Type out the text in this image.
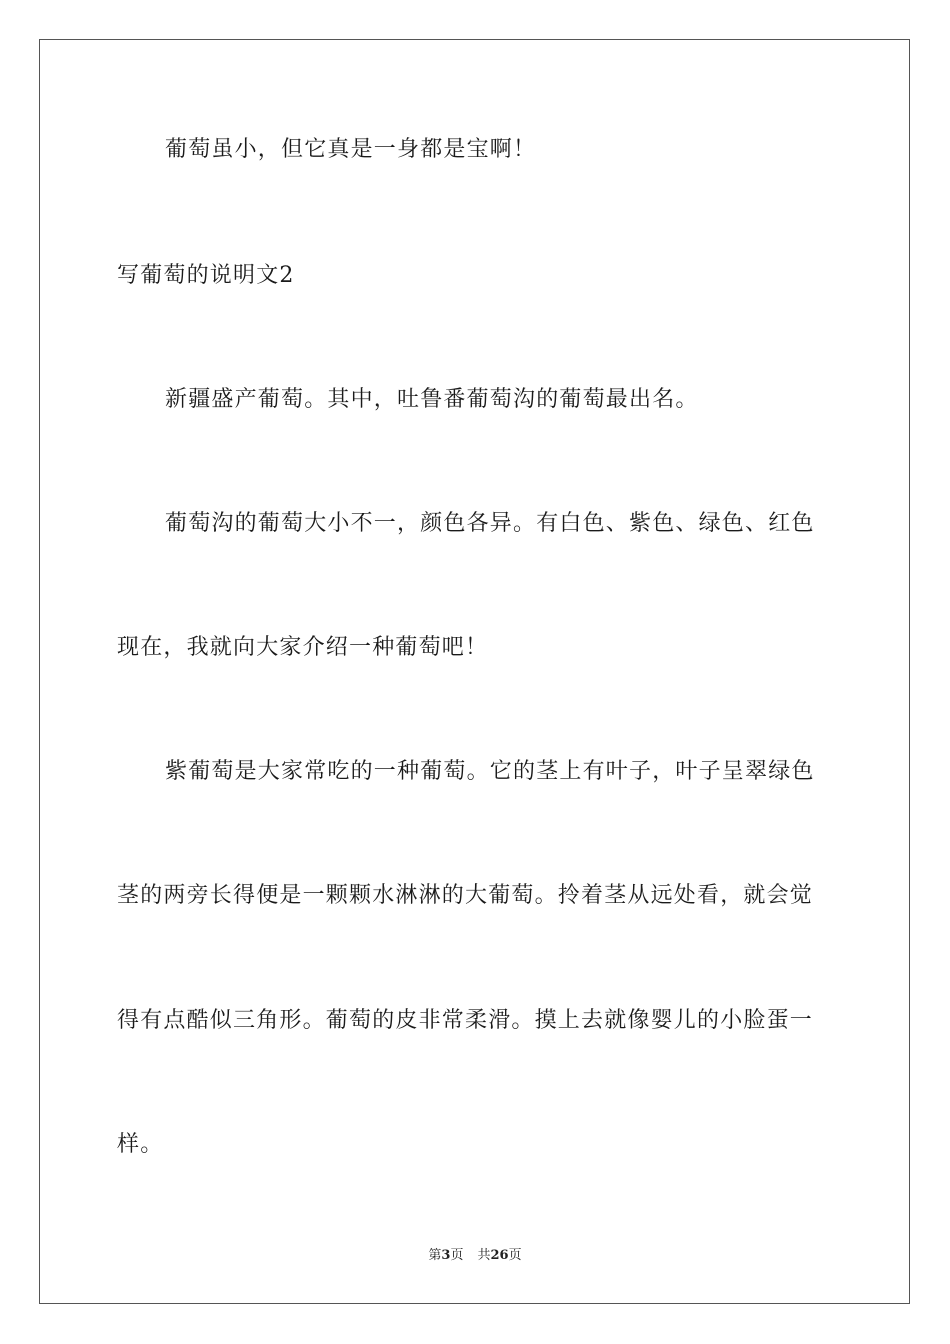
葡萄虽小，但它真是一身都是宝啊！
写葡萄的说明文2
新疆盛产葡萄。其中，吐鲁番葡萄沟的葡萄最出名。
葡萄沟的葡萄大小不一，颜色各异。有白色、紫色、绿色、红色
现在，我就向大家介绍一种葡萄吧！
紫葡萄是大家常吃的一种葡萄。它的茎上有叶子，叶子呈翠绿色
茎的两旁长得便是一颗颗水淋淋的大葡萄。拎着茎从远处看，就会觉
得有点酷似三角形。葡萄的皮非常柔滑。摸上去就像婴儿的小脸蛋一
样。
第3页 共26页
